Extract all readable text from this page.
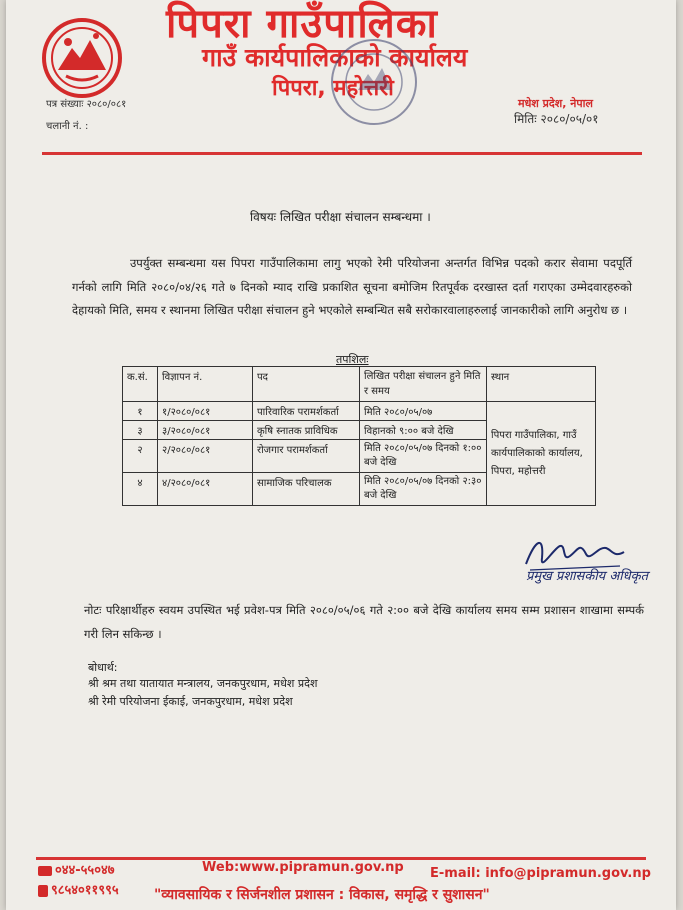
पिपरा गाउँपालिका
गाउँ कार्यपालिकाको कार्यालय
पिपरा, महोत्तरी
पत्र संख्याः २०८०/०८१
चलानी नं. :
मधेश प्रदेश, नेपाल
मितिः २०८०/०५/०१
विषयः लिखित परीक्षा संचालन सम्बन्धमा ।
उपर्युक्त सम्बन्धमा यस पिपरा गाउँपालिकामा लागु भएको रेमी परियोजना अन्तर्गत विभिन्न पदको करार सेवामा पदपूर्ति गर्नको लागि मिति २०८०/०४/२६ गते ७ दिनको म्याद राखि प्रकाशित सूचना बमोजिम रितपूर्वक दरखास्त दर्ता गराएका उम्मेदवारहरुको देहायको मिति, समय र स्थानमा लिखित परीक्षा संचालन हुने भएकोले सम्बन्धित सबै सरोकारवालाहरुलाई जानकारीको लागि अनुरोध छ ।
तपशिलः
क.सं.	विज्ञापन नं.	पद	लिखित परीक्षा संचालन हुने मिति र समय	स्थान
१	१/२०८०/०८१	पारिवारिक परामर्शकर्ता	मिति २०८०/०५/०७	पिपरा गाउँपालिका, गाउँ कार्यपालिकाको कार्यालय, पिपरा, महोत्तरी
३	३/२०८०/०८१	कृषि स्नातक प्राविधिक	विहानको ९:०० बजे देखि	
२	२/२०८०/०८१	रोजगार परामर्शकर्ता	मिति २०८०/०५/०७ दिनको १:०० बजे देखि	
४	४/२०८०/०८१	सामाजिक परिचालक	मिति २०८०/०५/०७ दिनको २:३० बजे देखि	
प्रमुख प्रशासकीय अधिकृत
नोटः परिक्षार्थीहरु स्वयम उपस्थित भई प्रवेश-पत्र मिति २०८०/०५/०६ गते २:०० बजे देखि कार्यालय समय सम्म प्रशासन शाखामा सम्पर्क गरी लिन सकिन्छ ।
बोधार्थ:
श्री श्रम तथा यातायात मन्त्रालय, जनकपुरधाम, मधेश प्रदेश
श्री रेमी परियोजना ईकाई, जनकपुरधाम, मधेश प्रदेश
०४४-५५०४७	Web:www.pipramun.gov.np E-mail: info@pipramun.gov.np
९८५४०११९९५	"व्यावसायिक र सिर्जनशील प्रशासन : विकास, समृद्धि र सुशासन"
